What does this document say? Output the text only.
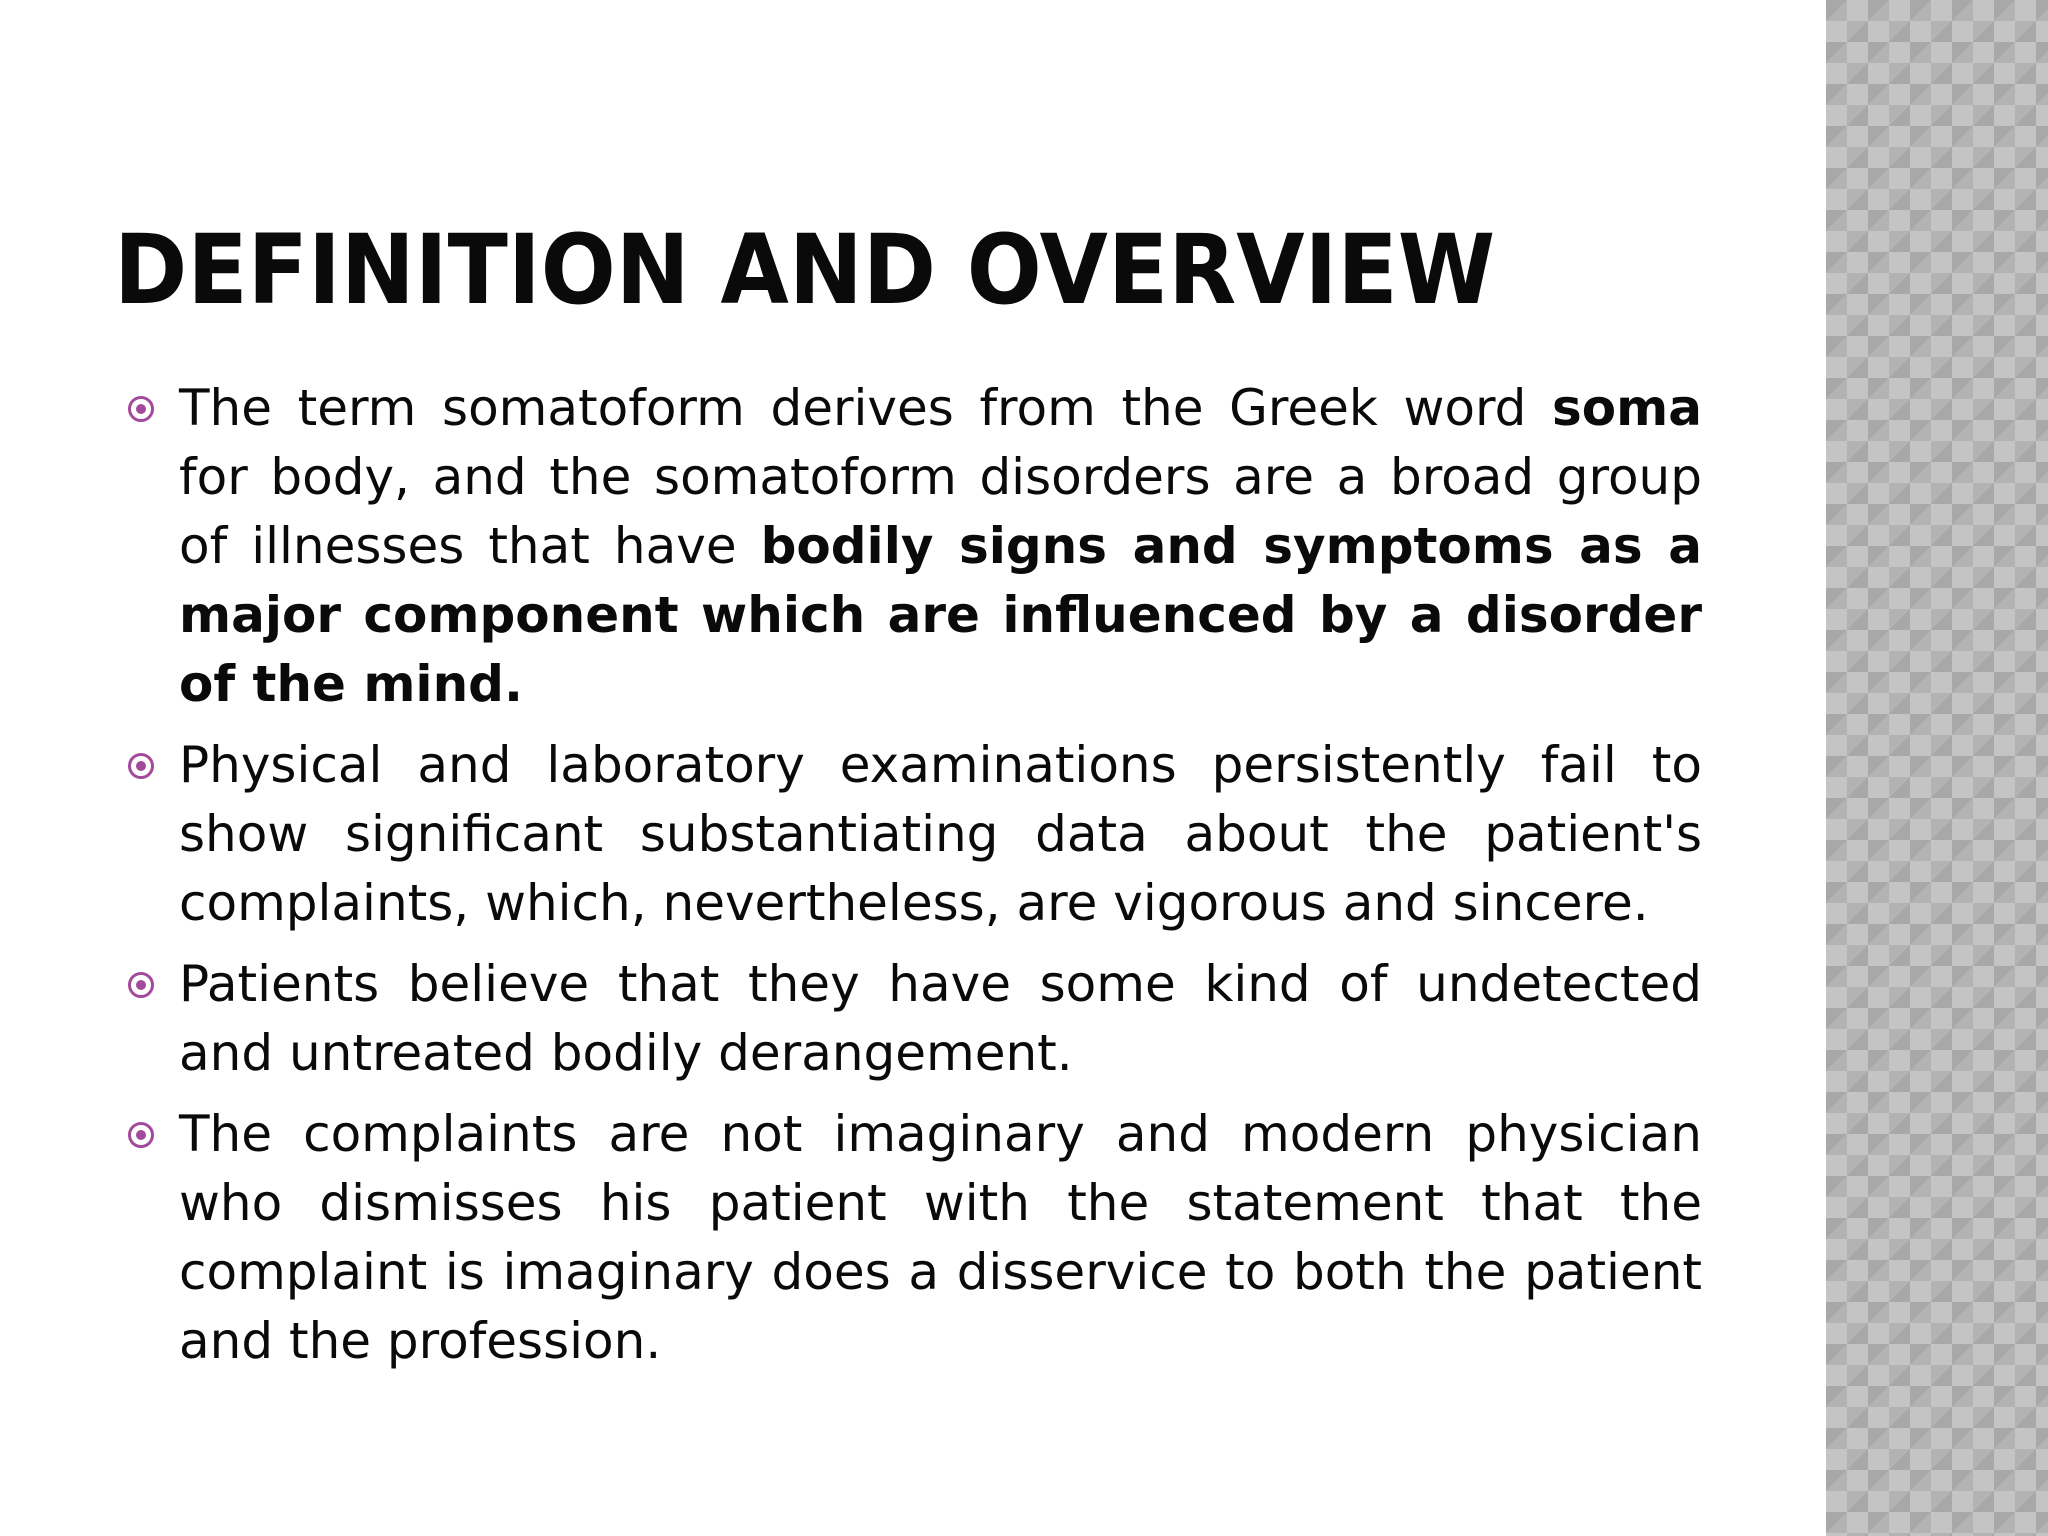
DEFINITION AND OVERVIEW
The term somatoform derives from the Greek word soma for body, and the somatoform disorders are a broad group of illnesses that have bodily signs and symptoms as a major component which are influenced by a disorder of the mind.
Physical and laboratory examinations persistently fail to show significant substantiating data about the patient's complaints, which, nevertheless, are vigorous and sincere.
Patients believe that they have some kind of undetected and untreated bodily derangement.
The complaints are not imaginary and modern physician who dismisses his patient with the statement that the complaint is imaginary does a disservice to both the patient and the profession.
